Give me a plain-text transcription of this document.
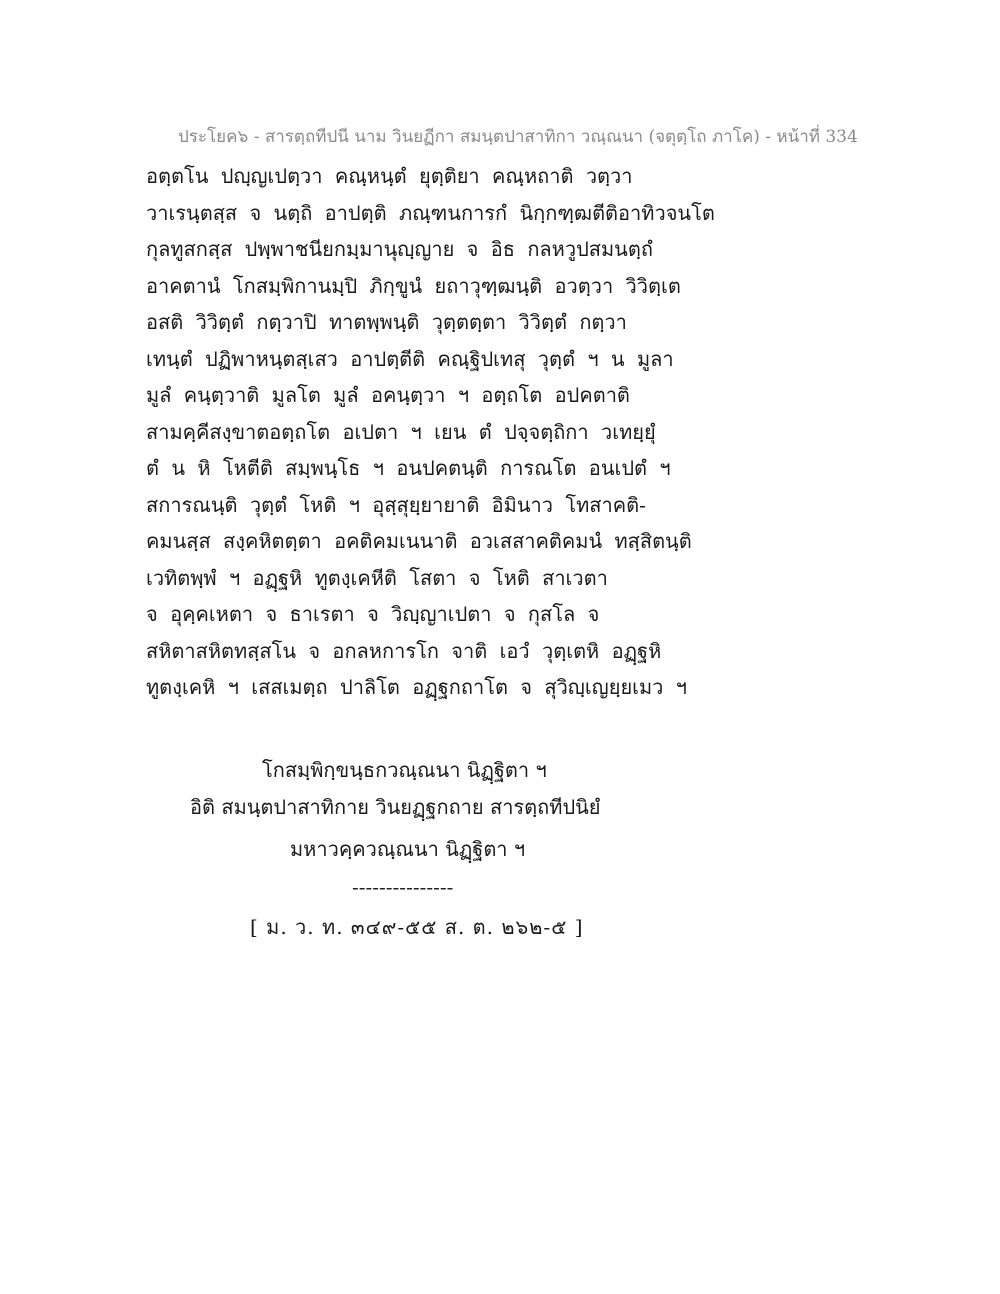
ประโยค๖ - สารตฺถทีปนี นาม วินยฏีกา สมนฺตปาสาทิกา วณฺณนา (จตุตฺโถ ภาโค) - หน้าที่ 334
อตฺตโน ปญฺญเปตฺวา คณฺหนฺตํ ยุตฺติยา คณฺหถาติ วตฺวา
วาเรนฺตสฺส จ นตฺถิ อาปตฺติ ภณฺฑนการกํ นิกฺกฑฺฒตีติอาทิวจนโต
กุลทูสกสฺส ปพฺพาชนียกมฺมานุญฺญาย จ อิธ กลหวูปสมนตฺถํ
อาคตานํ โกสมฺพิกานมฺปิ ภิกฺขูนํ ยถาวุฑฺฒนฺติ อวตฺวา วิวิตฺเต
อสติ วิวิตฺตํ กตฺวาปิ ทาตพฺพนฺติ วุตฺตตฺตา วิวิตฺตํ กตฺวา
เทนฺตํ ปฏิพาหนฺตสฺเสว อาปตฺตีติ คณฺฐิปเทสุ วุตฺตํ ฯ น มูลา
มูลํ คนฺตฺวาติ มูลโต มูลํ อคนฺตฺวา ฯ อตฺถโต อปคตาติ
สามคฺคีสงฺขาตอตฺถโต อเปตา ฯ เยน ตํ ปจฺจตฺถิกา วเทยฺยุํ
ตํ น หิ โหตีติ สมฺพนฺโธ ฯ อนปคตนฺติ การณโต อนเปตํ ฯ
สการณนฺติ วุตฺตํ โหติ ฯ อุสฺสุยฺยายาติ อิมินาว โทสาคติ-
คมนสฺส สงฺคหิตตฺตา อคติคมเนนาติ อวเสสาคติคมนํ ทสฺสิตนฺติ
เวทิตพฺพํ ฯ อฏฺฐหิ ทูตงฺเคหีติ โสตา จ โหติ สาเวตา
จ อุคฺคเหตา จ ธาเรตา จ วิญฺญาเปตา จ กุสโล จ
สหิตาสหิตทสฺสโน จ อกลหการโก จาติ เอวํ วุตฺเตหิ อฏฺฐหิ
ทูตงฺเคหิ ฯ เสสเมตฺถ ปาลิโต อฏฺฐกถาโต จ สุวิญฺเญยฺยเมว ฯ
โกสมฺพิกฺขนฺธกวณฺณนา นิฏฺฐิตา ฯ
อิติ สมนฺตปาสาทิกาย วินยฏฺฐกถาย สารตฺถทีปนิยํ
มหาวคฺควณฺณนา นิฏฺฐิตา ฯ
---------------
[ ม. ว. ท. ๓๔๙-๕๕ ส. ต. ๒๖๒-๕ ]
